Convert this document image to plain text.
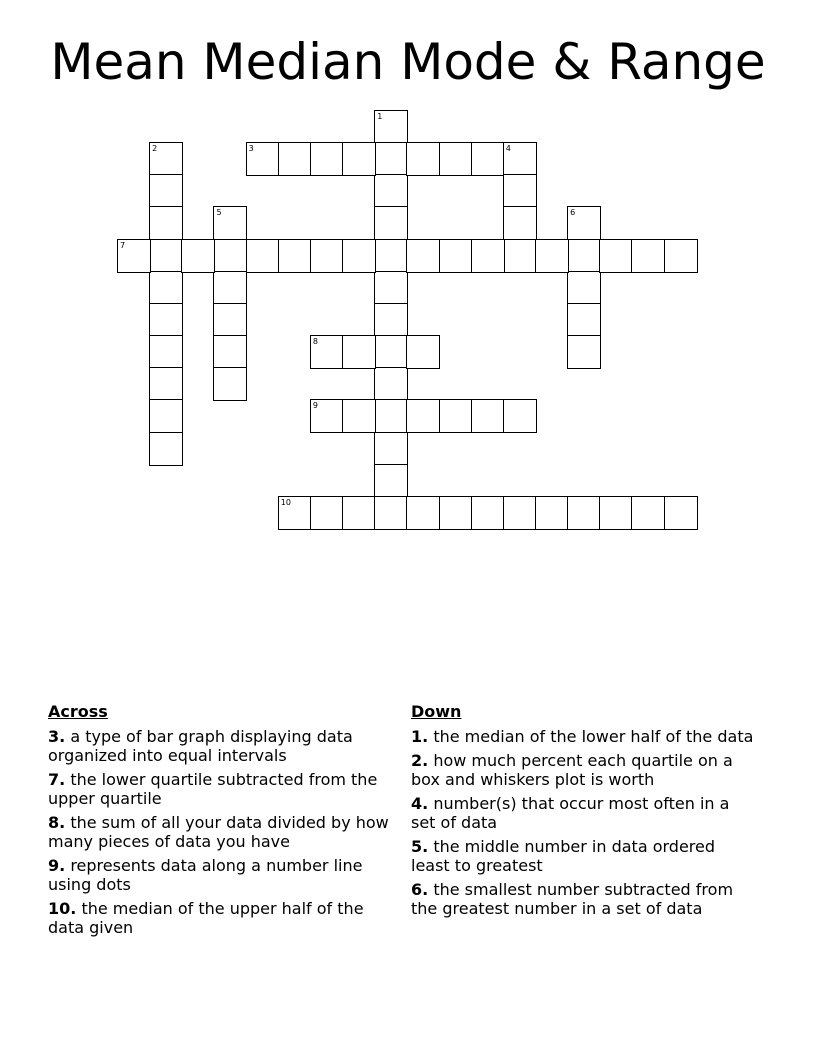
Mean Median Mode & Range
1
2	3	4
5	6
7
8
9
10
Across
3. a type of bar graph displaying data organized into equal intervals
7. the lower quartile subtracted from the upper quartile
8. the sum of all your data divided by how many pieces of data you have
9. represents data along a number line using dots
10. the median of the upper half of the data given
Down
1. the median of the lower half of the data
2. how much percent each quartile on a box and whiskers plot is worth
4. number(s) that occur most often in a set of data
5. the middle number in data ordered least to greatest
6. the smallest number subtracted from the greatest number in a set of data
